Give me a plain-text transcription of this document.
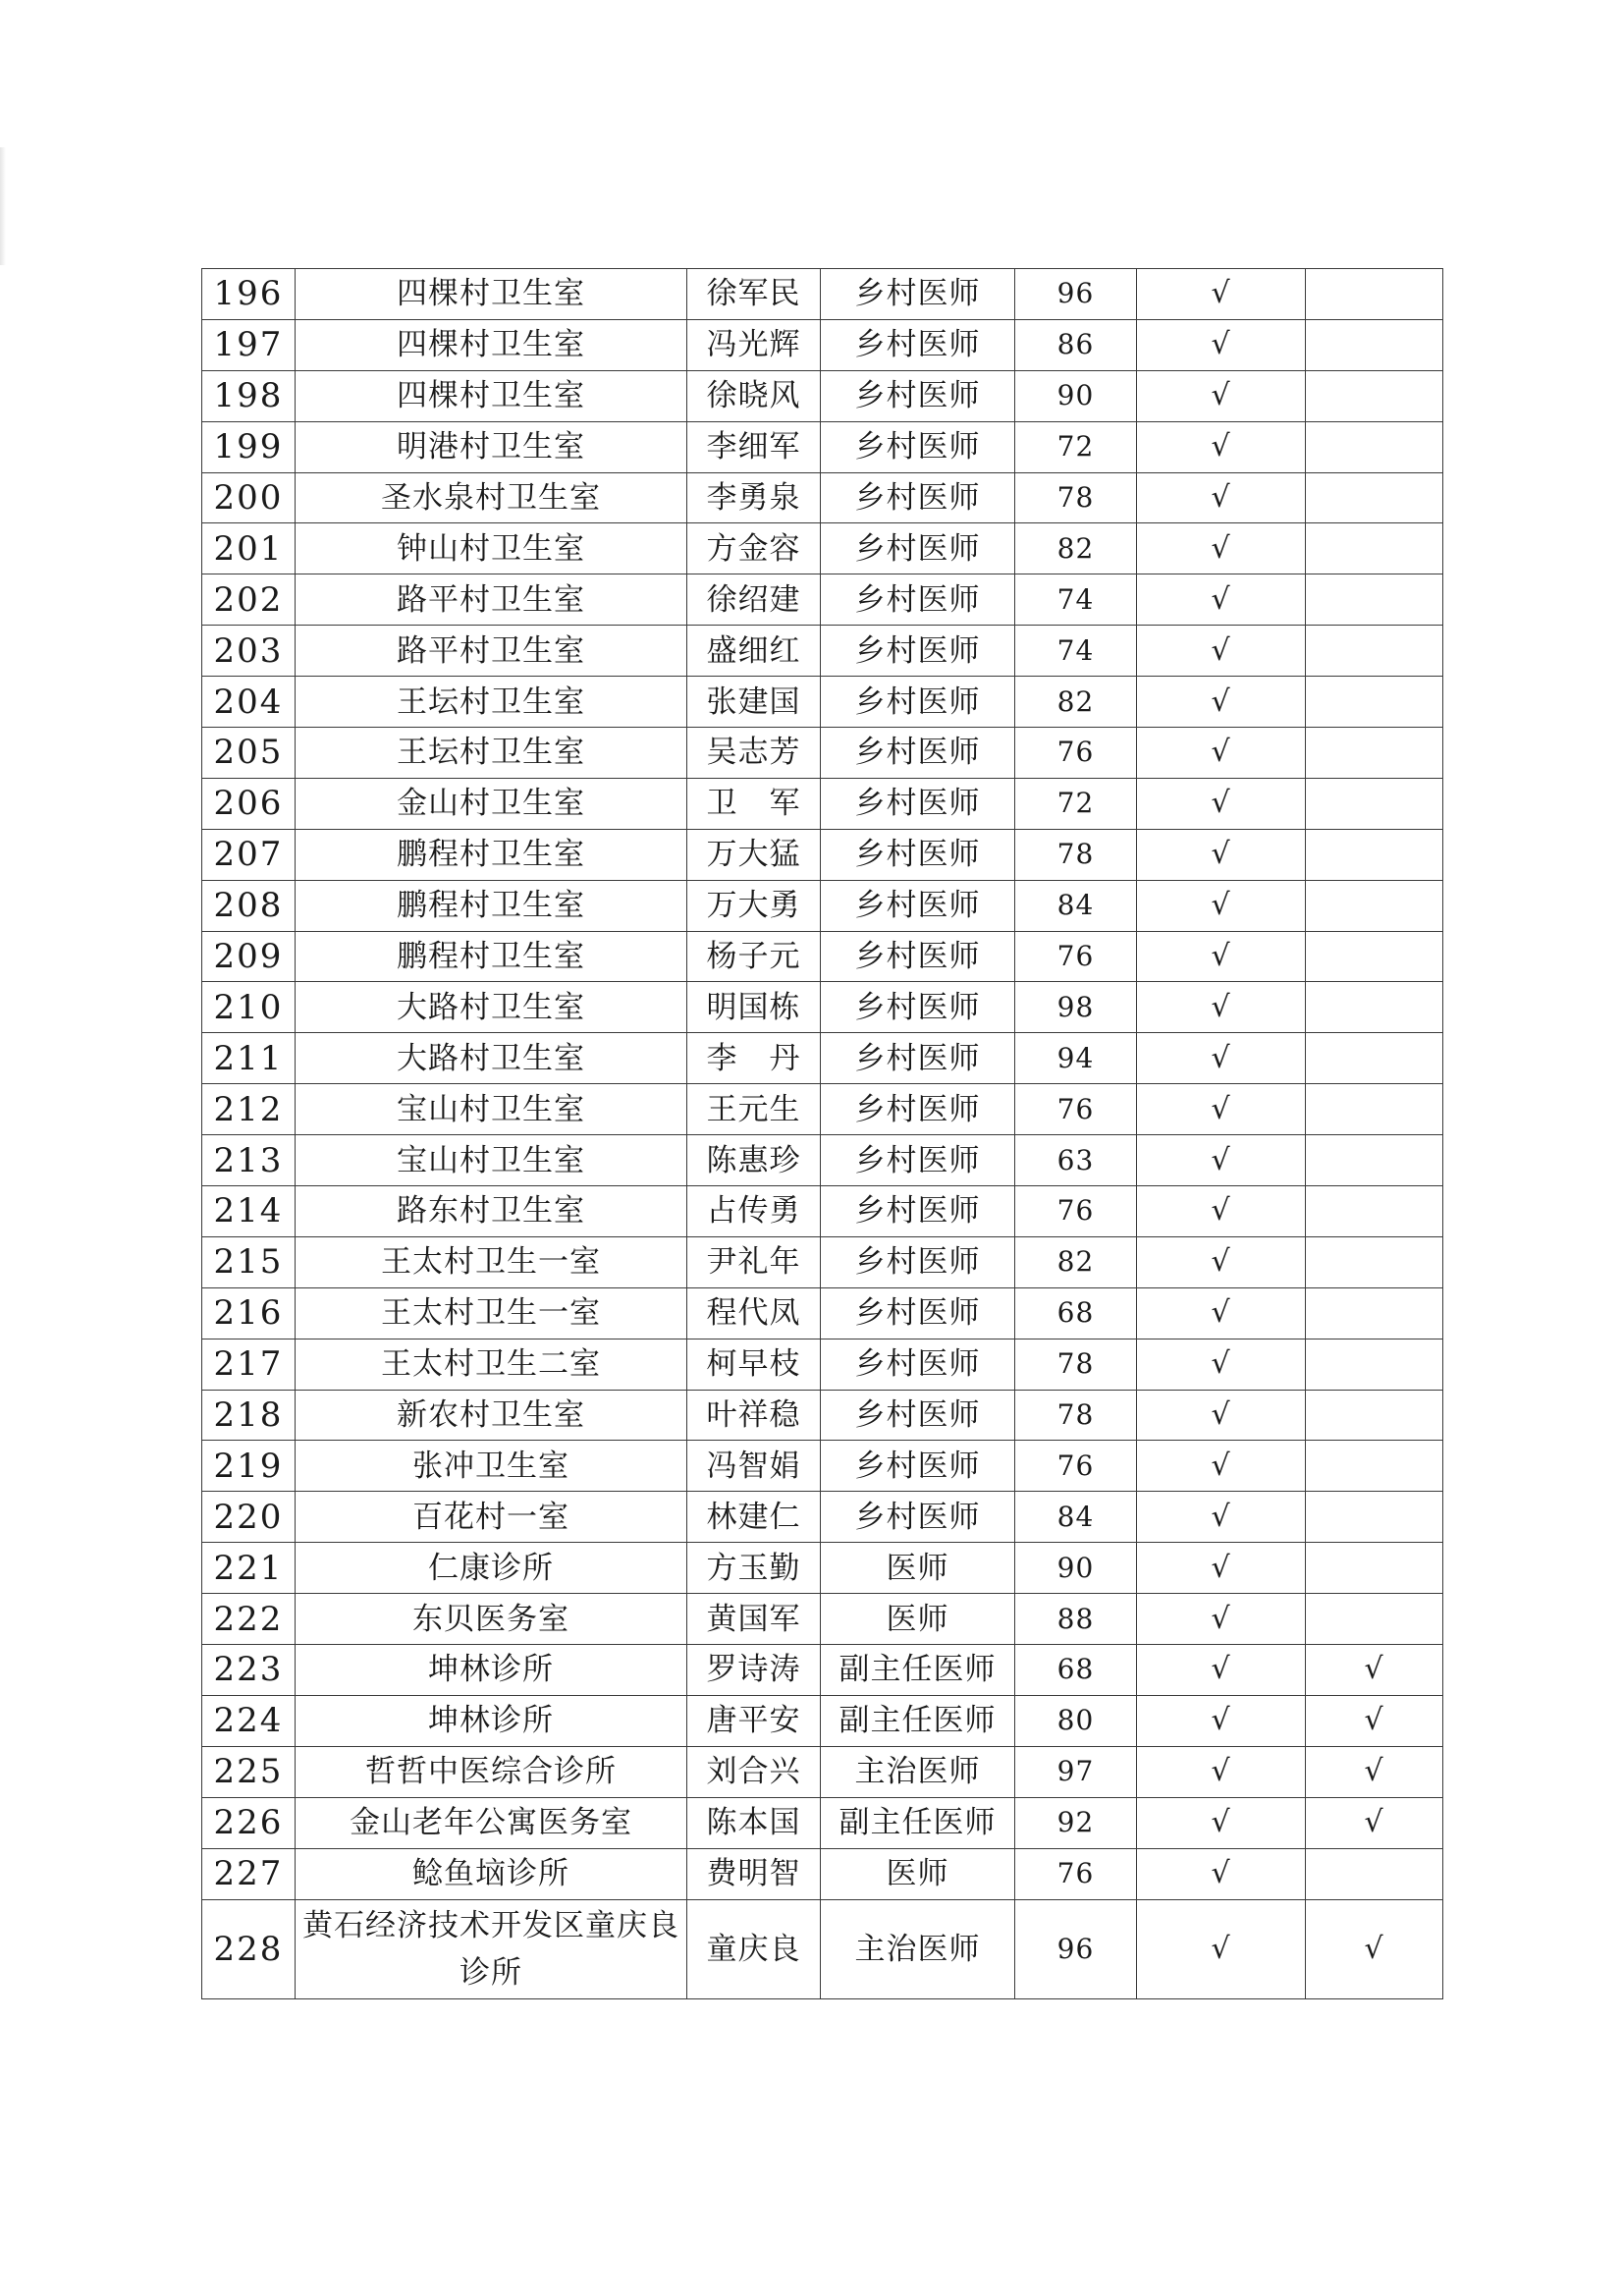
196	四棵村卫生室	徐军民	乡村医师	96	√	
197	四棵村卫生室	冯光辉	乡村医师	86	√	
198	四棵村卫生室	徐晓风	乡村医师	90	√	
199	明港村卫生室	李细军	乡村医师	72	√	
200	圣水泉村卫生室	李勇泉	乡村医师	78	√	
201	钟山村卫生室	方金容	乡村医师	82	√	
202	路平村卫生室	徐绍建	乡村医师	74	√	
203	路平村卫生室	盛细红	乡村医师	74	√	
204	王坛村卫生室	张建国	乡村医师	82	√	
205	王坛村卫生室	吴志芳	乡村医师	76	√	
206	金山村卫生室	卫　军	乡村医师	72	√	
207	鹏程村卫生室	万大猛	乡村医师	78	√	
208	鹏程村卫生室	万大勇	乡村医师	84	√	
209	鹏程村卫生室	杨子元	乡村医师	76	√	
210	大路村卫生室	明国栋	乡村医师	98	√	
211	大路村卫生室	李　丹	乡村医师	94	√	
212	宝山村卫生室	王元生	乡村医师	76	√	
213	宝山村卫生室	陈惠珍	乡村医师	63	√	
214	路东村卫生室	占传勇	乡村医师	76	√	
215	王太村卫生一室	尹礼年	乡村医师	82	√	
216	王太村卫生一室	程代凤	乡村医师	68	√	
217	王太村卫生二室	柯早枝	乡村医师	78	√	
218	新农村卫生室	叶祥稳	乡村医师	78	√	
219	张冲卫生室	冯智娟	乡村医师	76	√	
220	百花村一室	林建仁	乡村医师	84	√	
221	仁康诊所	方玉勤	医师	90	√	
222	东贝医务室	黄国军	医师	88	√	
223	坤林诊所	罗诗涛	副主任医师	68	√	√
224	坤林诊所	唐平安	副主任医师	80	√	√
225	哲哲中医综合诊所	刘合兴	主治医师	97	√	√
226	金山老年公寓医务室	陈本国	副主任医师	92	√	√
227	鲶鱼垴诊所	费明智	医师	76	√	
228	黄石经济技术开发区童庆良诊所	童庆良	主治医师	96	√	√
